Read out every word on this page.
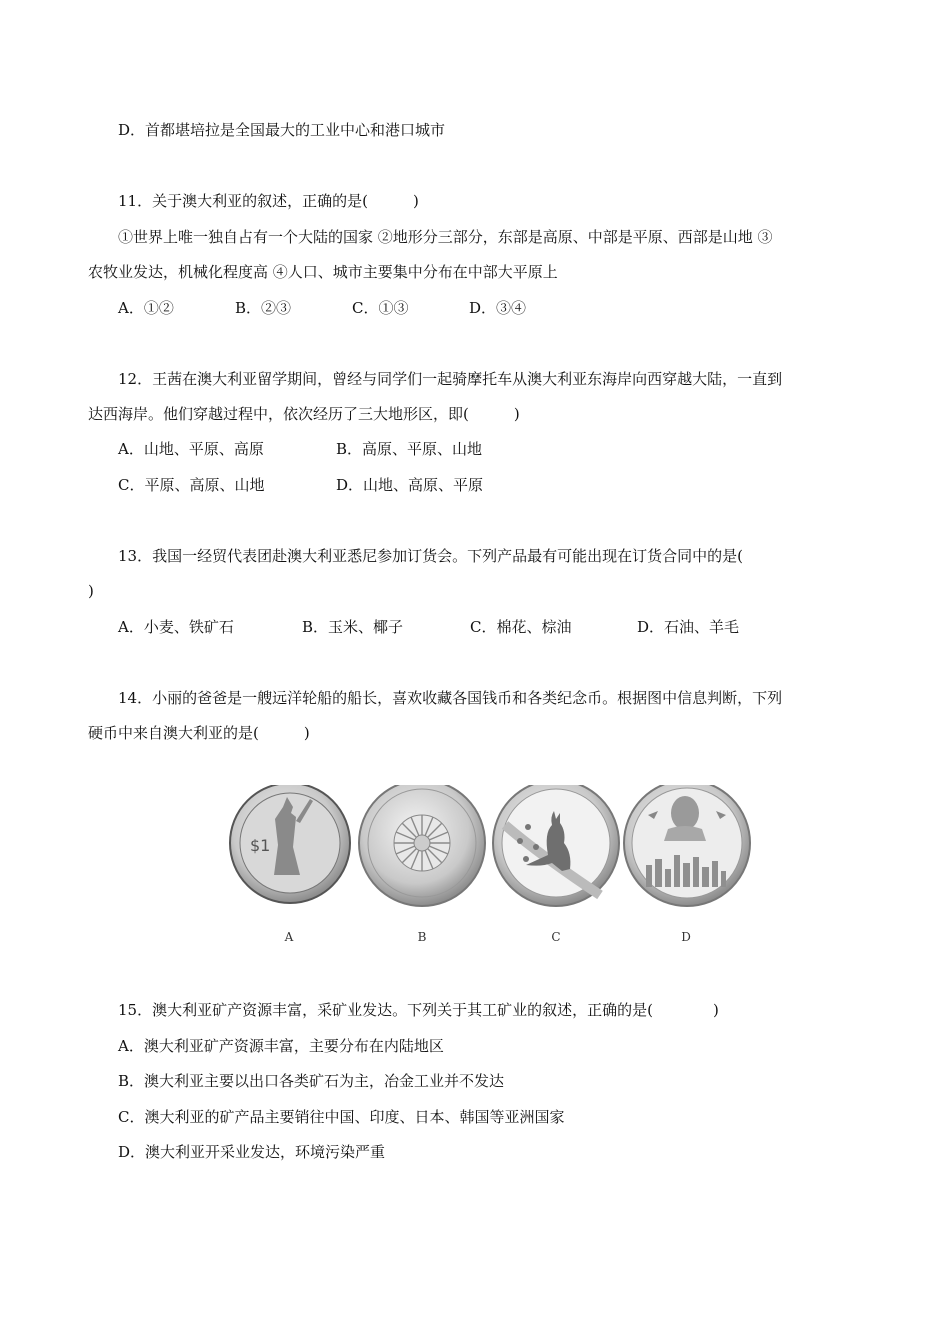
D．首都堪培拉是全国最大的工业中心和港口城市
11．关于澳大利亚的叙述，正确的是(　　　)
①世界上唯一独自占有一个大陆的国家 ②地形分三部分，东部是高原、中部是平原、西部是山地 ③
农牧业发达，机械化程度高 ④人口、城市主要集中分布在中部大平原上
A．①②	B．②③	C．①③	D．③④
12．王茜在澳大利亚留学期间，曾经与同学们一起骑摩托车从澳大利亚东海岸向西穿越大陆，一直到
达西海岸。他们穿越过程中，依次经历了三大地形区，即(　　　)
A．山地、平原、高原	B．高原、平原、山地
C．平原、高原、山地	D．山地、高原、平原
13．我国一经贸代表团赴澳大利亚悉尼参加订货会。下列产品最有可能出现在订货合同中的是(
)
A．小麦、铁矿石	B．玉米、椰子	C．棉花、棕油	D．石油、羊毛
14．小丽的爸爸是一艘远洋轮船的船长，喜欢收藏各国钱币和各类纪念币。根据图中信息判断，下列
硬币中来自澳大利亚的是(　　　)
$1
A	B	C	D
15．澳大利亚矿产资源丰富，采矿业发达。下列关于其工矿业的叙述，正确的是(　　　　)
A．澳大利亚矿产资源丰富，主要分布在内陆地区
B．澳大利亚主要以出口各类矿石为主，冶金工业并不发达
C．澳大利亚的矿产品主要销往中国、印度、日本、韩国等亚洲国家
D．澳大利亚开采业发达，环境污染严重
